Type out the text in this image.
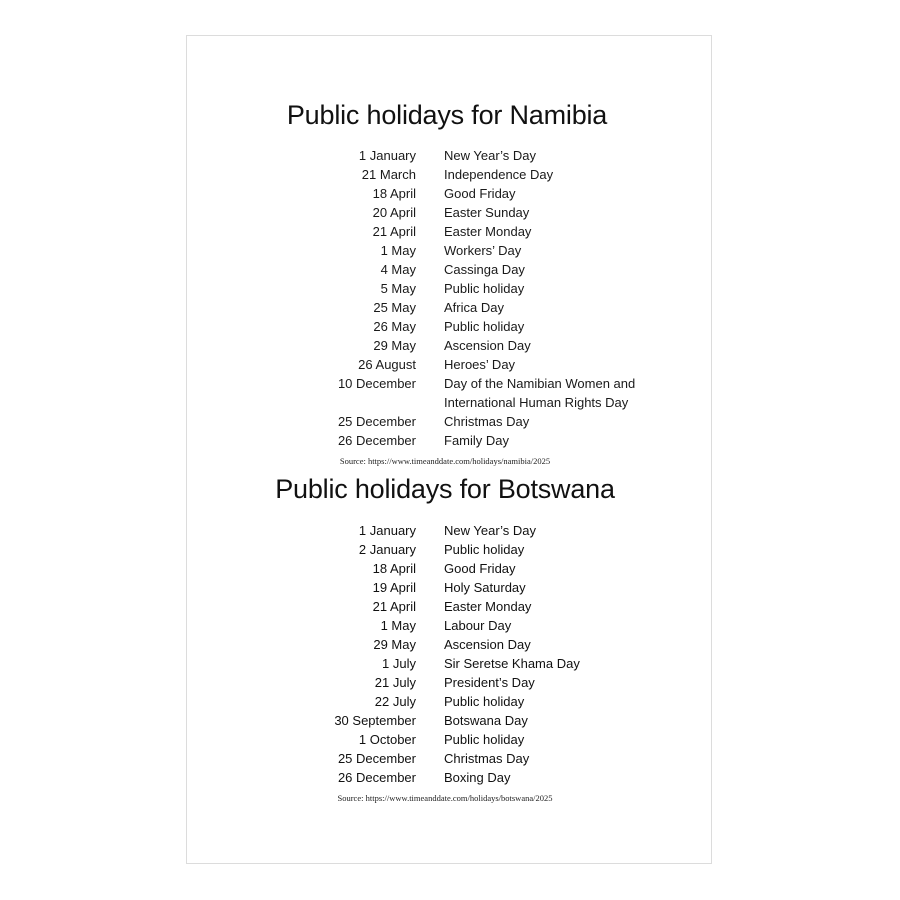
Public holidays for Namibia
1 January New Year’s Day
21 March Independence Day
18 April Good Friday
20 April Easter Sunday
21 April Easter Monday
1 May Workers’ Day
4 May Cassinga Day
5 May Public holiday
25 May Africa Day
26 May Public holiday
29 May Ascension Day
26 August Heroes’ Day
10 December Day of the Namibian Women and
International Human Rights Day
25 December Christmas Day
26 December Family Day
Source: https://www.timeanddate.com/holidays/namibia/2025
Public holidays for Botswana
1 January New Year’s Day
2 January Public holiday
18 April Good Friday
19 April Holy Saturday
21 April Easter Monday
1 May Labour Day
29 May Ascension Day
1 July Sir Seretse Khama Day
21 July President’s Day
22 July Public holiday
30 September Botswana Day
1 October Public holiday
25 December Christmas Day
26 December Boxing Day
Source: https://www.timeanddate.com/holidays/botswana/2025
